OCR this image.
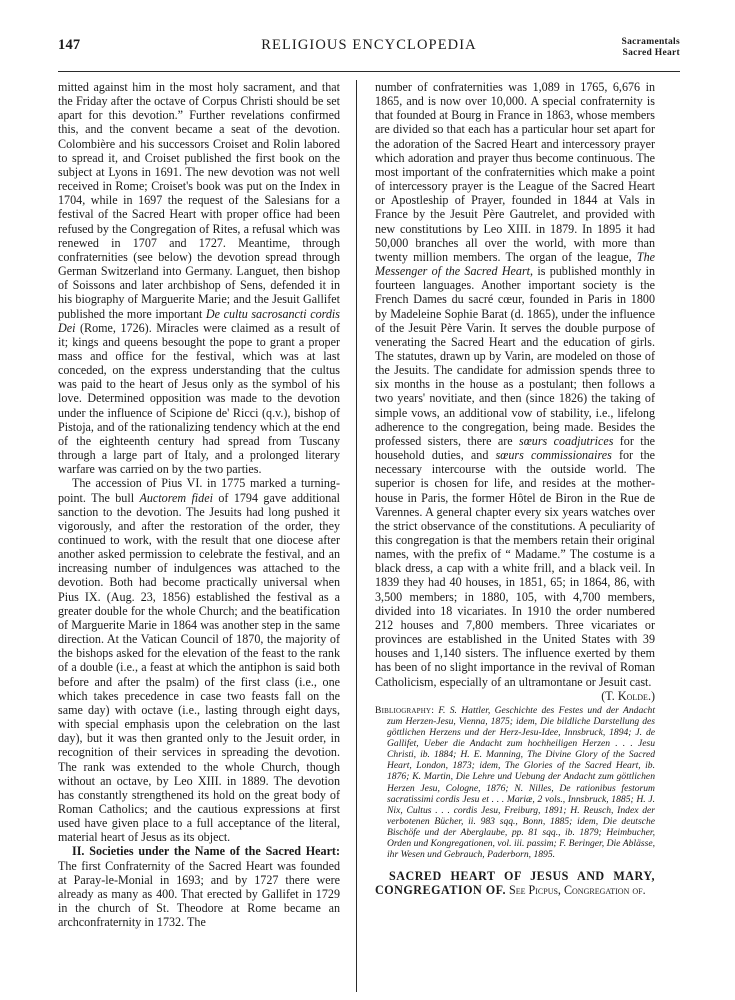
147	RELIGIOUS ENCYCLOPEDIA	Sacramentals
Sacred Heart

mitted against him in the most holy sacrament, and that the Friday after the octave of Corpus Christi should be set apart for this devotion.” Further revelations confirmed this, and the convent became a seat of the devotion. Colombière and his successors Croiset and Rolin labored to spread it, and Croiset published the first book on the subject at Lyons in 1691. The new devotion was not well received in Rome; Croiset's book was put on the Index in 1704, while in 1697 the request of the Salesians for a festival of the Sacred Heart with proper office had been refused by the Congregation of Rites, a refusal which was renewed in 1707 and 1727. Meantime, through confraternities (see below) the devotion spread through German Switzerland into Germany. Languet, then bishop of Soissons and later archbishop of Sens, defended it in his biography of Marguerite Marie; and the Jesuit Gallifet published the more important De cultu sacrosancti cordis Dei (Rome, 1726). Miracles were claimed as a result of it; kings and queens besought the pope to grant a proper mass and office for the festival, which was at last conceded, on the express understanding that the cultus was paid to the heart of Jesus only as the symbol of his love. Determined opposition was made to the devotion under the influence of Scipione de' Ricci (q.v.), bishop of Pistoja, and of the rationalizing tendency which at the end of the eighteenth century had spread from Tuscany through a large part of Italy, and a prolonged literary warfare was carried on by the two parties.

The accession of Pius VI. in 1775 marked a turning-point. The bull Auctorem fidei of 1794 gave additional sanction to the devotion. The Jesuits had long pushed it vigorously, and after the restoration of the order, they continued to work, with the result that one diocese after another asked permission to celebrate the festival, and an increasing number of indulgences was attached to the devotion. Both had become practically universal when Pius IX. (Aug. 23, 1856) established the festival as a greater double for the whole Church; and the beatification of Marguerite Marie in 1864 was another step in the same direction. At the Vatican Council of 1870, the majority of the bishops asked for the elevation of the feast to the rank of a double (i.e., a feast at which the antiphon is said both before and after the psalm) of the first class (i.e., one which takes precedence in case two feasts fall on the same day) with octave (i.e., lasting through eight days, with special emphasis upon the celebration on the last day), but it was then granted only to the Jesuit order, in recognition of their services in spreading the devotion. The rank was extended to the whole Church, though without an octave, by Leo XIII. in 1889. The devotion has constantly strengthened its hold on the great body of Roman Catholics; and the cautious expressions at first used have given place to a full acceptance of the literal, material heart of Jesus as its object.

II. Societies under the Name of the Sacred Heart: The first Confraternity of the Sacred Heart was founded at Paray-le-Monial in 1693; and by 1727 there were already as many as 400. That erected by Gallifet in 1729 in the church of St. Theodore at Rome became an archconfraternity in 1732. The

number of confraternities was 1,089 in 1765, 6,676 in 1865, and is now over 10,000. A special confraternity is that founded at Bourg in France in 1863, whose members are divided so that each has a particular hour set apart for the adoration of the Sacred Heart and intercessory prayer which adoration and prayer thus become continuous. The most important of the confraternities which make a point of intercessory prayer is the League of the Sacred Heart or Apostleship of Prayer, founded in 1844 at Vals in France by the Jesuit Père Gautrelet, and provided with new constitutions by Leo XIII. in 1879. In 1895 it had 50,000 branches all over the world, with more than twenty million members. The organ of the league, The Messenger of the Sacred Heart, is published monthly in fourteen languages. Another important society is the French Dames du sacré cœur, founded in Paris in 1800 by Madeleine Sophie Barat (d. 1865), under the influence of the Jesuit Père Varin. It serves the double purpose of venerating the Sacred Heart and the education of girls. The statutes, drawn up by Varin, are modeled on those of the Jesuits. The candidate for admission spends three to six months in the house as a postulant; then follows a two years' novitiate, and then (since 1826) the taking of simple vows, an additional vow of stability, i.e., lifelong adherence to the congregation, being made. Besides the professed sisters, there are sœurs coadjutrices for the household duties, and sœurs commissionaires for the necessary intercourse with the outside world. The superior is chosen for life, and resides at the mother-house in Paris, the former Hôtel de Biron in the Rue de Varennes. A general chapter every six years watches over the strict observance of the constitutions. A peculiarity of this congregation is that the members retain their original names, with the prefix of “ Madame.” The costume is a black dress, a cap with a white frill, and a black veil. In 1839 they had 40 houses, in 1851, 65; in 1864, 86, with 3,500 members; in 1880, 105, with 4,700 members, divided into 18 vicariates. In 1910 the order numbered 212 houses and 7,800 members. Three vicariates or provinces are established in the United States with 39 houses and 1,140 sisters. The influence exerted by them has been of no slight importance in the revival of Roman Catholicism, especially of an ultramontane or Jesuit cast.
(T. Kolde.)

Bibliography: F. S. Hattler, Geschichte des Festes und der Andacht zum Herzen-Jesu, Vienna, 1875; idem, Die bildliche Darstellung des göttlichen Herzens und der Herz-Jesu-Idee, Innsbruck, 1894; J. de Gallifet, Ueber die Andacht zum hochheiligen Herzen . . . Jesu Christi, ib. 1884; H. E. Manning, The Divine Glory of the Sacred Heart, London, 1873; idem, The Glories of the Sacred Heart, ib. 1876; K. Martin, Die Lehre und Uebung der Andacht zum göttlichen Herzen Jesu, Cologne, 1876; N. Nilles, De rationibus festorum sacratissimi cordis Jesu et . . . Mariæ, 2 vols., Innsbruck, 1885; H. J. Nix, Cultus . . . cordis Jesu, Freiburg, 1891; H. Reusch, Index der verbotenen Bücher, ii. 983 sqq., Bonn, 1885; idem, Die deutsche Bischöfe und der Aberglaube, pp. 81 sqq., ib. 1879; Heimbucher, Orden und Kongregationen, vol. iii. passim; F. Beringer, Die Ablässe, ihr Wesen und Gebrauch, Paderborn, 1895.

SACRED HEART OF JESUS AND MARY, CONGREGATION OF. See Picpus, Congregation of.
